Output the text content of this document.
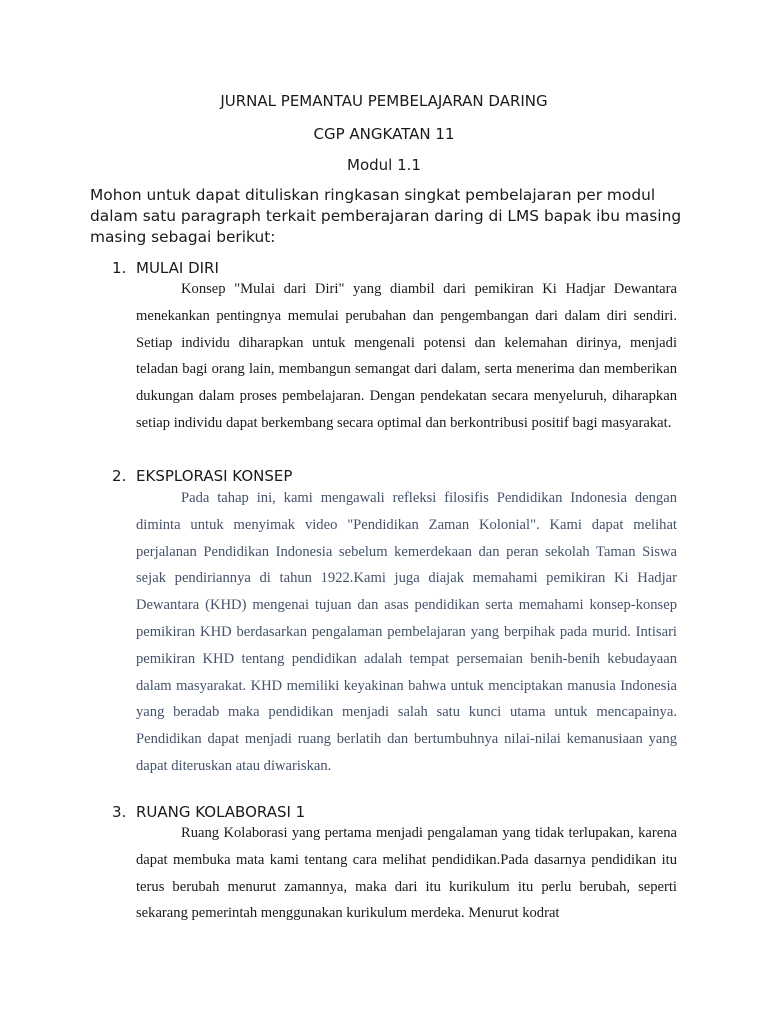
JURNAL PEMANTAU PEMBELAJARAN DARING
CGP ANGKATAN 11
Modul 1.1
Mohon untuk dapat dituliskan ringkasan singkat pembelajaran per modul dalam satu paragraph terkait pemberajaran daring di LMS bapak ibu masing masing sebagai berikut:
1. MULAI DIRI

Konsep "Mulai dari Diri" yang diambil dari pemikiran Ki Hadjar Dewantara menekankan pentingnya memulai perubahan dan pengembangan dari dalam diri sendiri. Setiap individu diharapkan untuk mengenali potensi dan kelemahan dirinya, menjadi teladan bagi orang lain, membangun semangat dari dalam, serta menerima dan memberikan dukungan dalam proses pembelajaran. Dengan pendekatan secara menyeluruh, diharapkan setiap individu dapat berkembang secara optimal dan berkontribusi positif bagi masyarakat.

2. EKSPLORASI KONSEP

Pada tahap ini, kami mengawali refleksi filosifis Pendidikan Indonesia dengan diminta untuk menyimak video "Pendidikan Zaman Kolonial". Kami dapat melihat perjalanan Pendidikan Indonesia sebelum kemerdekaan dan peran sekolah Taman Siswa sejak pendiriannya di tahun 1922.Kami juga diajak memahami pemikiran Ki Hadjar Dewantara (KHD) mengenai tujuan dan asas pendidikan serta memahami konsep-konsep pemikiran KHD berdasarkan pengalaman pembelajaran yang berpihak pada murid. Intisari pemikiran KHD tentang pendidikan adalah tempat persemaian benih-benih kebudayaan dalam masyarakat. KHD memiliki keyakinan bahwa untuk menciptakan manusia Indonesia yang beradab maka pendidikan menjadi salah satu kunci utama untuk mencapainya. Pendidikan dapat menjadi ruang berlatih dan bertumbuhnya nilai-nilai kemanusiaan yang dapat diteruskan atau diwariskan.

3. RUANG KOLABORASI 1

Ruang Kolaborasi yang pertama menjadi pengalaman yang tidak terlupakan, karena dapat membuka mata kami tentang cara melihat pendidikan.Pada dasarnya pendidikan itu terus berubah menurut zamannya, maka dari itu kurikulum itu perlu berubah, seperti sekarang pemerintah menggunakan kurikulum merdeka. Menurut kodrat
